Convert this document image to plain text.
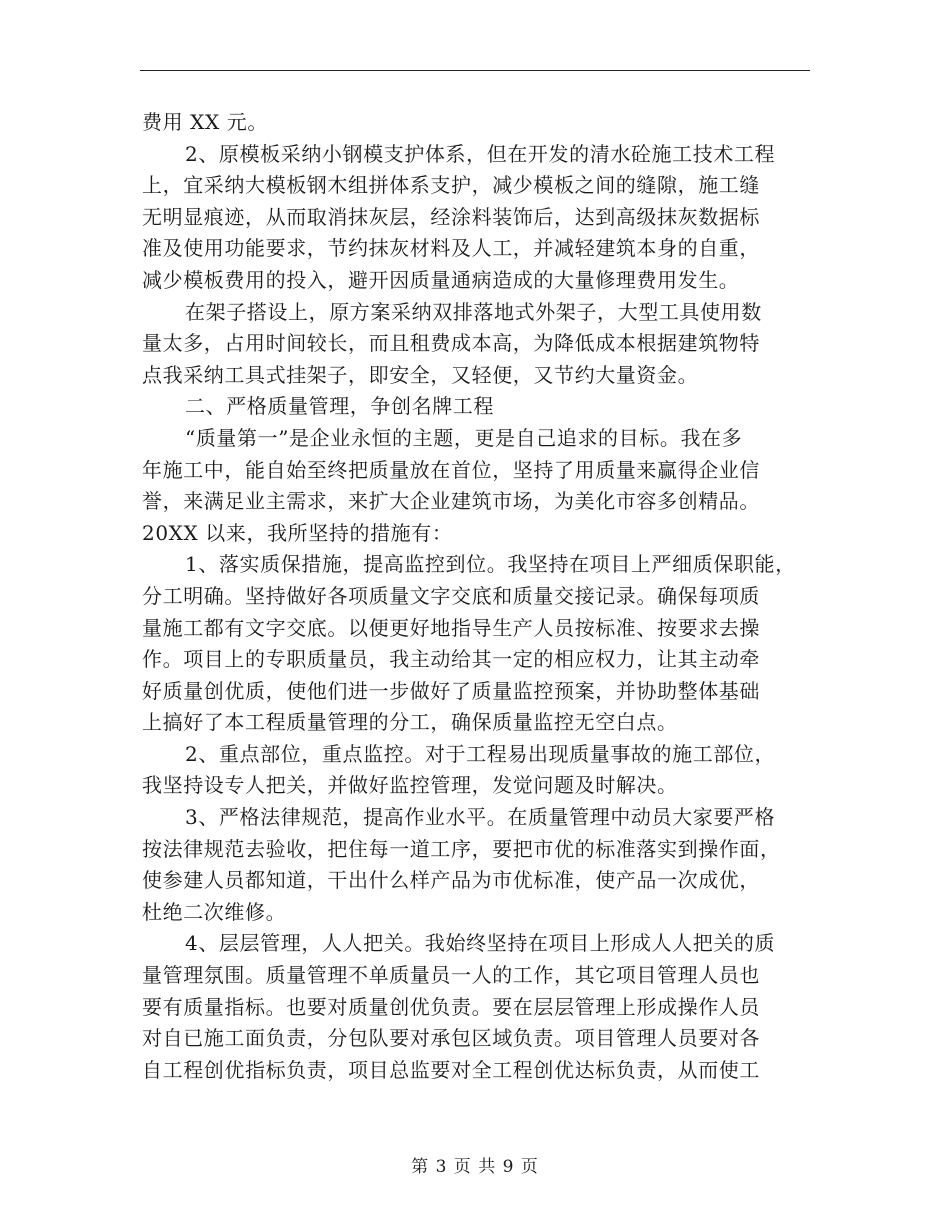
费用 XX 元。
2、原模板采纳小钢模支护体系，但在开发的清水砼施工技术工程
上，宜采纳大模板钢木组拼体系支护，减少模板之间的缝隙，施工缝
无明显痕迹，从而取消抹灰层，经涂料装饰后，达到高级抹灰数据标
准及使用功能要求，节约抹灰材料及人工，并减轻建筑本身的自重，
减少模板费用的投入，避开因质量通病造成的大量修理费用发生。
在架子搭设上，原方案采纳双排落地式外架子，大型工具使用数
量太多，占用时间较长，而且租费成本高，为降低成本根据建筑物特
点我采纳工具式挂架子，即安全，又轻便，又节约大量资金。
二、严格质量管理，争创名牌工程
“质量第一”是企业永恒的主题，更是自己追求的目标。我在多
年施工中，能自始至终把质量放在首位，坚持了用质量来赢得企业信
誉，来满足业主需求，来扩大企业建筑市场，为美化市容多创精品。
20XX 以来，我所坚持的措施有：
1、落实质保措施，提高监控到位。我坚持在项目上严细质保职能，
分工明确。坚持做好各项质量文字交底和质量交接记录。确保每项质
量施工都有文字交底。以便更好地指导生产人员按标准、按要求去操
作。项目上的专职质量员，我主动给其一定的相应权力，让其主动牵
好质量创优质，使他们进一步做好了质量监控预案，并协助整体基础
上搞好了本工程质量管理的分工，确保质量监控无空白点。
2、重点部位，重点监控。对于工程易出现质量事故的施工部位，
我坚持设专人把关，并做好监控管理，发觉问题及时解决。
3、严格法律规范，提高作业水平。在质量管理中动员大家要严格
按法律规范去验收，把住每一道工序，要把市优的标准落实到操作面，
使参建人员都知道，干出什么样产品为市优标准，使产品一次成优，
杜绝二次维修。
4、层层管理，人人把关。我始终坚持在项目上形成人人把关的质
量管理氛围。质量管理不单质量员一人的工作，其它项目管理人员也
要有质量指标。也要对质量创优负责。要在层层管理上形成操作人员
对自已施工面负责，分包队要对承包区域负责。项目管理人员要对各
自工程创优指标负责，项目总监要对全工程创优达标负责，从而使工
第 3 页 共 9 页
